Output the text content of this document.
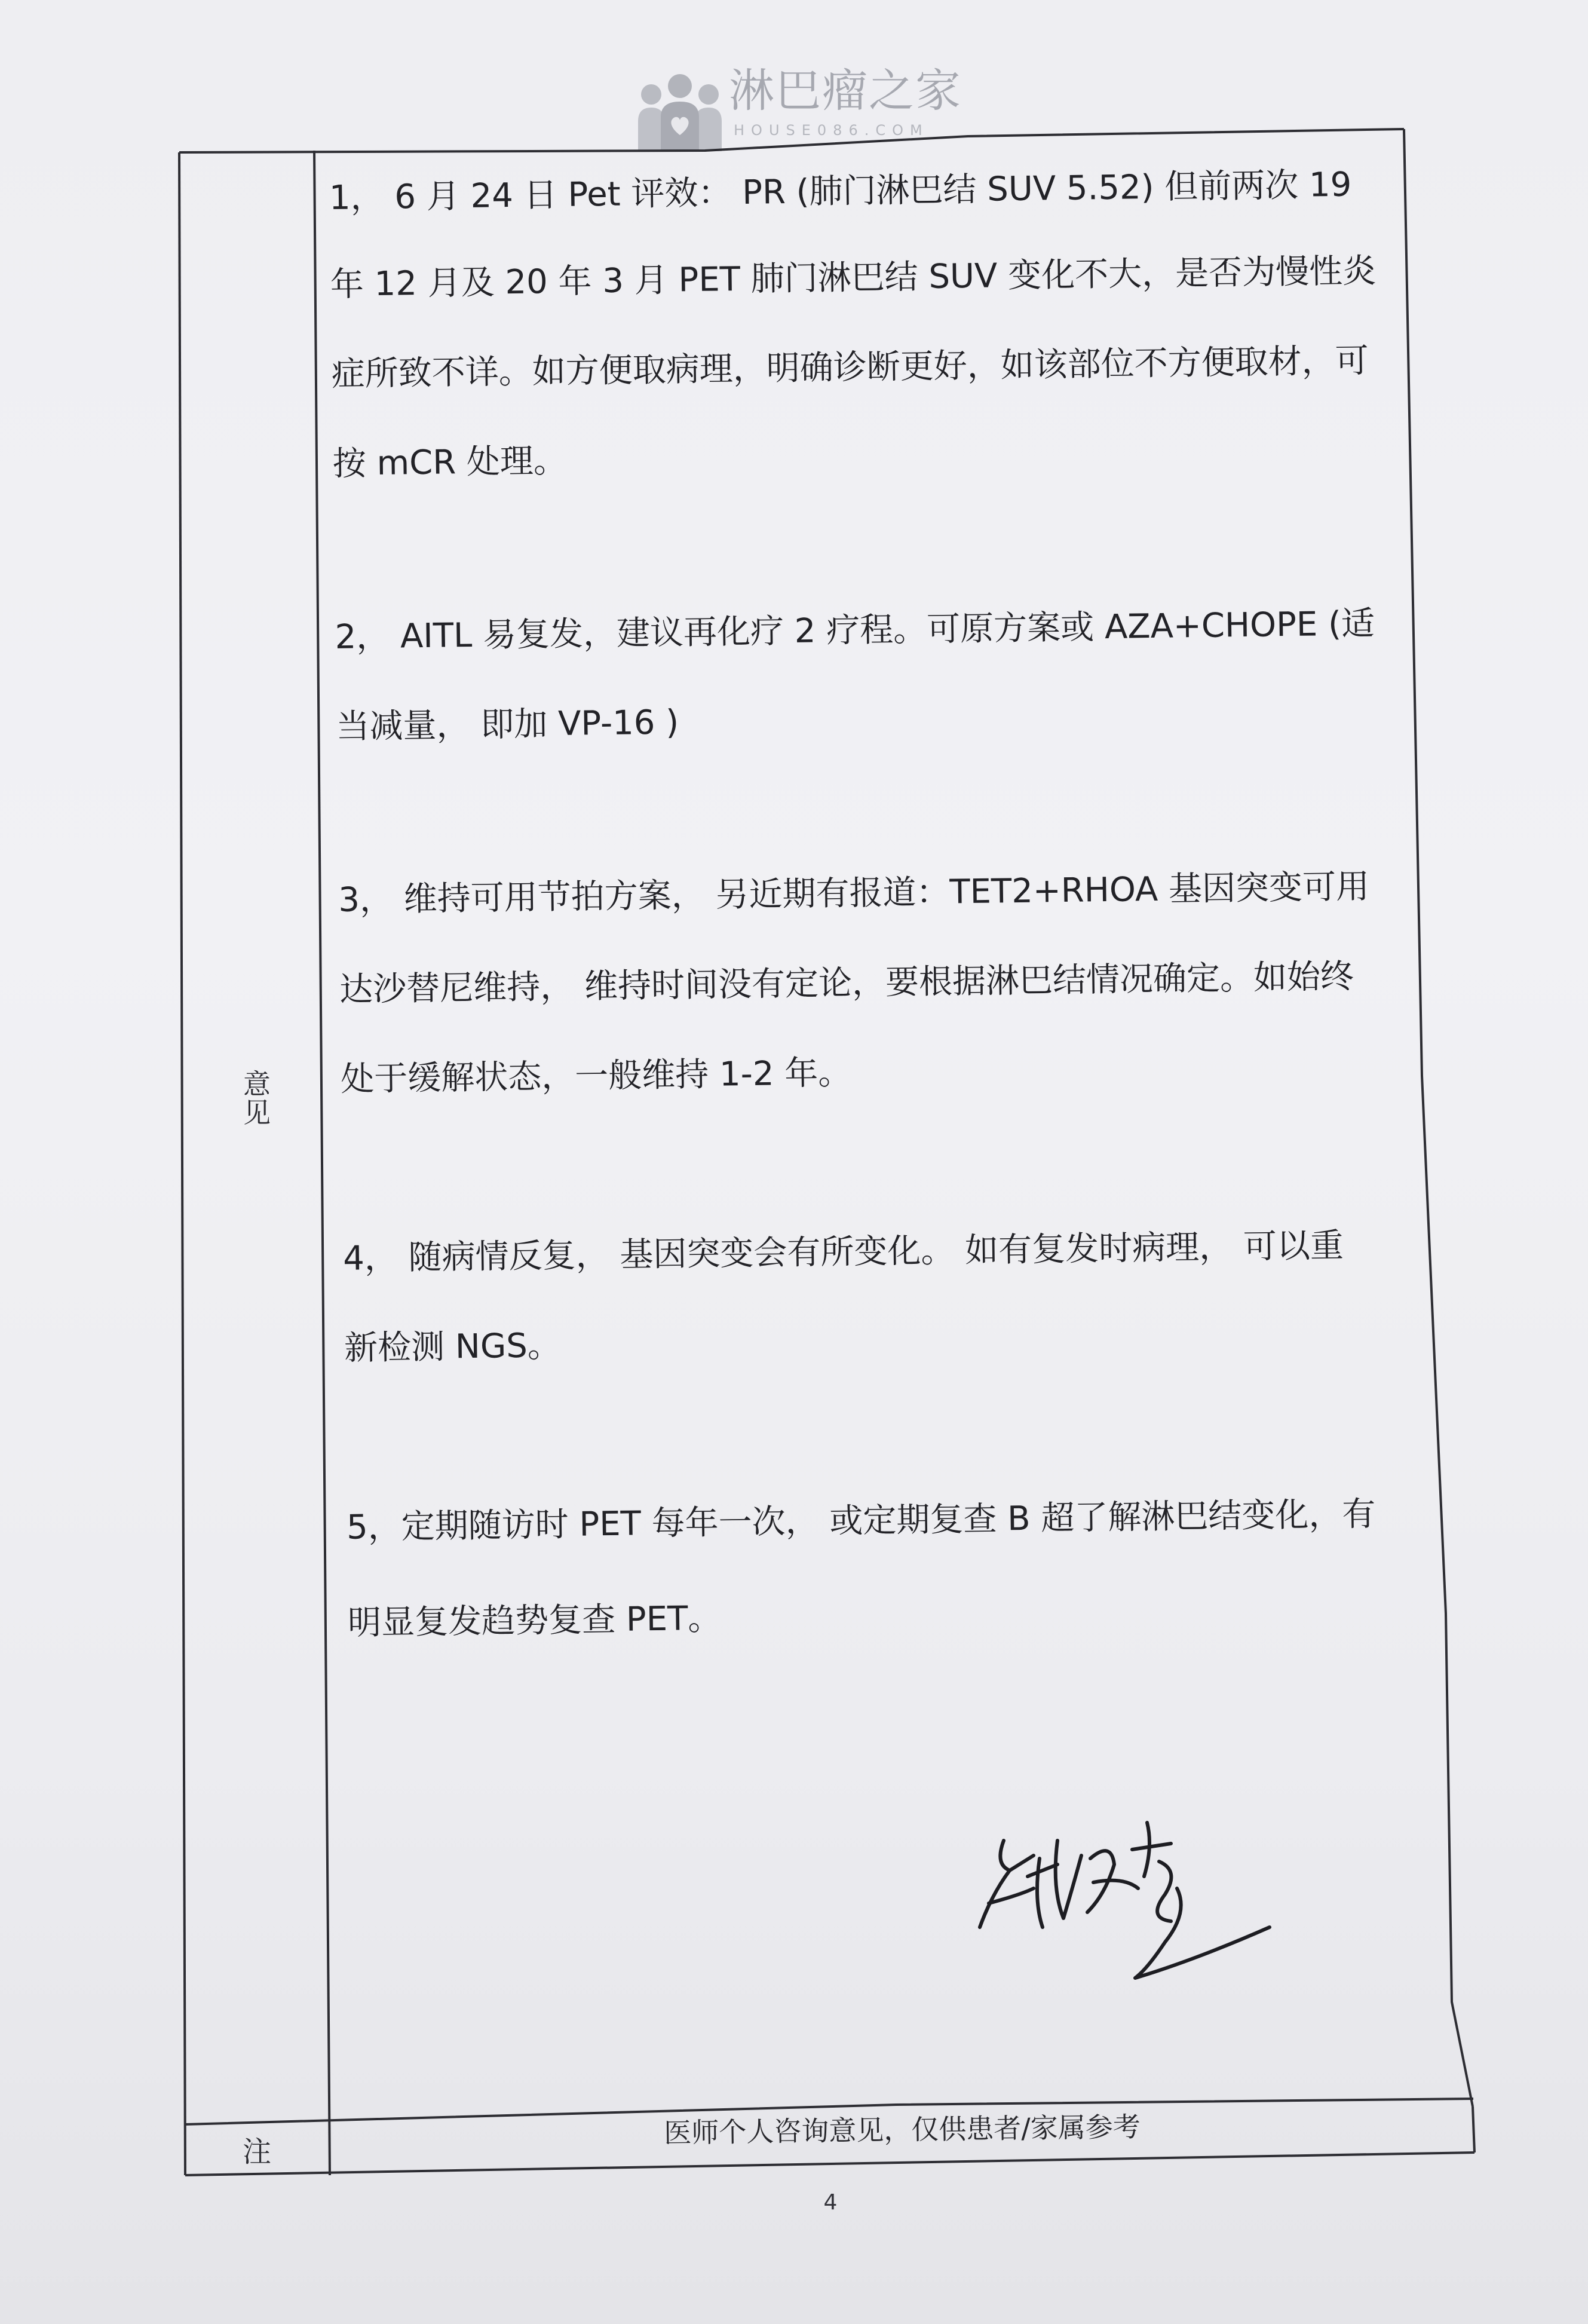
淋巴瘤之家
HOUSE086.COM
意
见
1， 6 月 24 日 Pet 评效： PR (肺门淋巴结 SUV 5.52) 但前两次 19
年 12 月及 20 年 3 月 PET 肺门淋巴结 SUV 变化不大，是否为慢性炎
症所致不详。如方便取病理，明确诊断更好，如该部位不方便取材，可
按 mCR 处理。
2， AITL 易复发，建议再化疗 2 疗程。可原方案或 AZA+CHOPE (适
当减量， 即加 VP-16 )
3， 维持可用节拍方案， 另近期有报道：TET2+RHOA 基因突变可用
达沙替尼维持， 维持时间没有定论，要根据淋巴结情况确定。如始终
处于缓解状态，一般维持 1-2 年。
4， 随病情反复， 基因突变会有所变化。 如有复发时病理， 可以重
新检测 NGS。
5，定期随访时 PET 每年一次， 或定期复查 B 超了解淋巴结变化，有
明显复发趋势复查 PET。
注
医师个人咨询意见，仅供患者/家属参考
4
